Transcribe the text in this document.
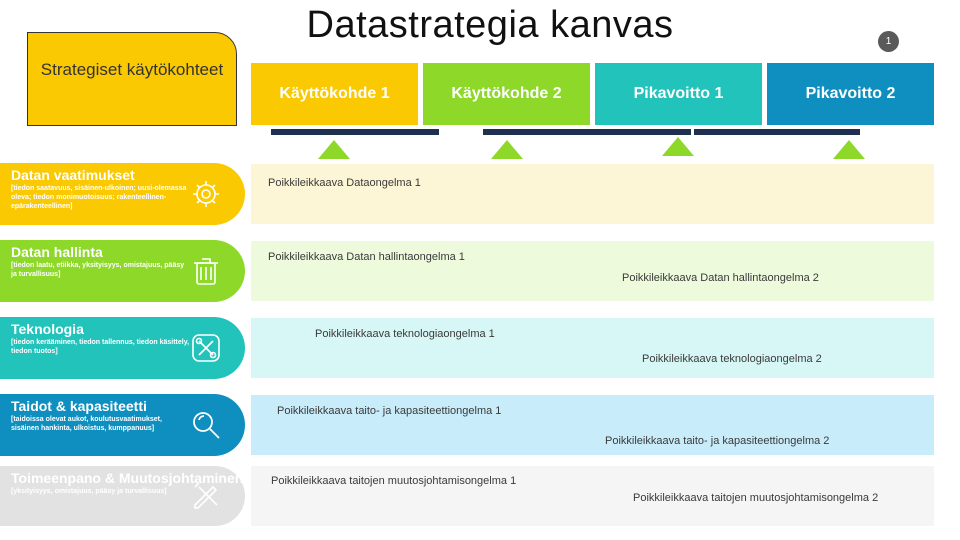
Datastrategia kanvas	1
Strategiset käytökohteet
Käyttökohde 1	Käyttökohde 2	Pikavoitto 1	Pikavoitto 2
Datan vaatimukset
[tiedon saatavuus, sisäinen-ulkoinen; uusi-olemassa oleva; tiedon monimuotoisuus; rakenteellinen-epärakenteellinen]
Poikkileikkaava Dataongelma 1
Datan hallinta
[tiedon laatu, etiikka, yksityisyys, omistajuus, pääsy ja turvallisuus]
Poikkileikkaava Datan hallintaongelma 1
Poikkileikkaava Datan hallintaongelma 2
Teknologia
[tiedon kerääminen, tiedon tallennus, tiedon käsittely, tiedon tuotos]
Poikkileikkaava teknologiaongelma 1
Poikkileikkaava teknologiaongelma 2
Taidot & kapasiteetti
[taidoissa olevat aukot, koulutusvaatimukset, sisäinen hankinta, ulkoistus, kumppanuus]
Poikkileikkaava taito- ja kapasiteettiongelma 1
Poikkileikkaava taito- ja kapasiteettiongelma 2
Toimeenpano & Muutosjohtaminen
[yksityisyys, omistajuus, pääsy ja turvallisuus]
Poikkileikkaava taitojen muutosjohtamisongelma 1
Poikkileikkaava taitojen muutosjohtamisongelma 2
